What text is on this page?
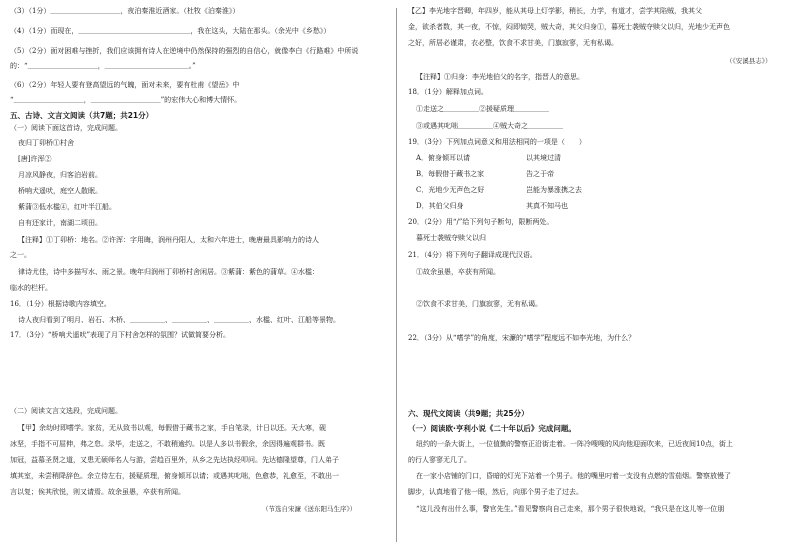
（3）（1分）＿＿＿＿＿＿＿＿＿＿，夜泊秦淮近酒家。（杜牧《泊秦淮》）
（4）（1分）而现在，＿＿＿＿＿＿＿＿＿＿＿＿＿＿＿＿，我在这头，大陆在那头。（余光中《乡愁》）
（5）（2分）面对困难与挫折，我们应该拥有诗人在逆境中仍然保持的强烈的自信心，就像李白《行路难》中所说
的：“＿＿＿＿＿＿＿＿＿＿，＿＿＿＿＿＿＿＿＿＿＿＿。”
（6）（2分）年轻人要有登高望远的气魄，面对未来，要有杜甫《望岳》中
“＿＿＿＿＿＿＿＿＿＿，＿＿＿＿＿＿＿＿＿＿”的宏伟大心和博大情怀。
五、古诗、文言文阅读（共7题；共21分）
（一）阅读下面这首诗，完成问题。
夜归丁卯桥①村舍
[唐]许浑②
月凉风静夜，归客泊岩前。
桥响犬遥吠，庭空人散眠。
紫蒲③低水槛④，红叶半江船。
自有还家计，南湖二顷田。
【注释】①丁卯桥：地名。②许浑：字用晦，润州丹阳人，太和六年进士，晚唐最具影响力的诗人
之一。
律诗尤佳，诗中多描写水、雨之景。晚年归润州丁卯桥村舍闲居。③紫蒲：紫色的蒲草。④水槛：
临水的栏杆。
16．（1分）根据诗歌内容填空。
诗人夜归看到了明月、岩石、木桥、＿＿＿＿＿、＿＿＿＿＿、＿＿＿＿＿、水槛、红叶、江船等景物。
17．（3分）“桥响犬遥吠”表现了月下村舍怎样的氛围？试做简要分析。
（二）阅读文言文选段，完成问题。
【甲】余幼时即嗜学。家贫，无从致书以观，每假借于藏书之家，手自笔录，计日以还。天大寒，砚
冰坚，手指不可屈伸，弗之怠。录毕，走送之，不敢稍逾约。以是人多以书假余，余因得遍观群书。既
加冠，益慕圣贤之道，又患无硕师名人与游，尝趋百里外，从乡之先达执经叩问。先达德隆望尊，门人弟子
填其室，未尝稍降辞色。余立侍左右，援疑质理，俯身倾耳以请；或遇其叱咄，色愈恭，礼愈至，不敢出一
言以复；俟其欣悦，则又请焉。故余虽愚，卒获有所闻。
（节选自宋濂《送东阳马生序》）
【乙】李光地字晋卿，年四岁，能从其母上灯学影，稍长，力学，有道才，尝学其陷贼，我其父
金，欲杀者数，其一夜，不惊，闷即恸哭，贼大奇，其父归身①，暮死士袭贼夺赎父以归，光地少无声色
之好，所居必谨肃，衣必整，饮食不求甘美，门旗寂寥，无有私谒。
（《安溪县志》）
【注释】①归身：李光地伯父的名字，指晋人的意思。
18．（1分）解释加点词。
①走送之＿＿＿＿＿②援疑质理＿＿＿＿＿
③或遇其叱咄＿＿＿＿＿④贼大奇之＿＿＿＿＿
19．（3分）下列加点词意义和用法相同的一项是（　　）
A．俯身倾耳以请	以其境过清
B．每假借于藏书之家	告之于帝
C．光地少无声色之好	岂能为暴涨携之去
D．其伯父归身	其真不知马也
20．（2分）用“/”给下列句子断句，限断两处。
暮死士袭贼夺赎父以归
21．（4分）将下列句子翻译成现代汉语。
①故余虽愚，卒获有所闻。
②饮食不求甘美，门旗寂寥，无有私谒。
22．（3分）从“嗜学”的角度，宋濂的“嗜学”程度远不如李光地，为什么？
六、现代文阅读（共9题；共25分）
（一）阅读欧·亨利小说《二十年以后》完成问题。
纽约的一条大街上，一位值勤的警察正沿街走着。一阵冷嗖嗖的风向他迎面吹来，已近夜间10点，街上
的行人寥寥无几了。
在一家小店铺的门口，昏暗的灯光下站着一个男子。他的嘴里叼着一支没有点燃的雪茄烟。警察放慢了
脚步，认真地看了他一眼，然后，向那个男子走了过去。
“这儿没有出什么事，警官先生。”看见警察向自己走来，那个男子很快地说，“我只是在这儿等一位朋
